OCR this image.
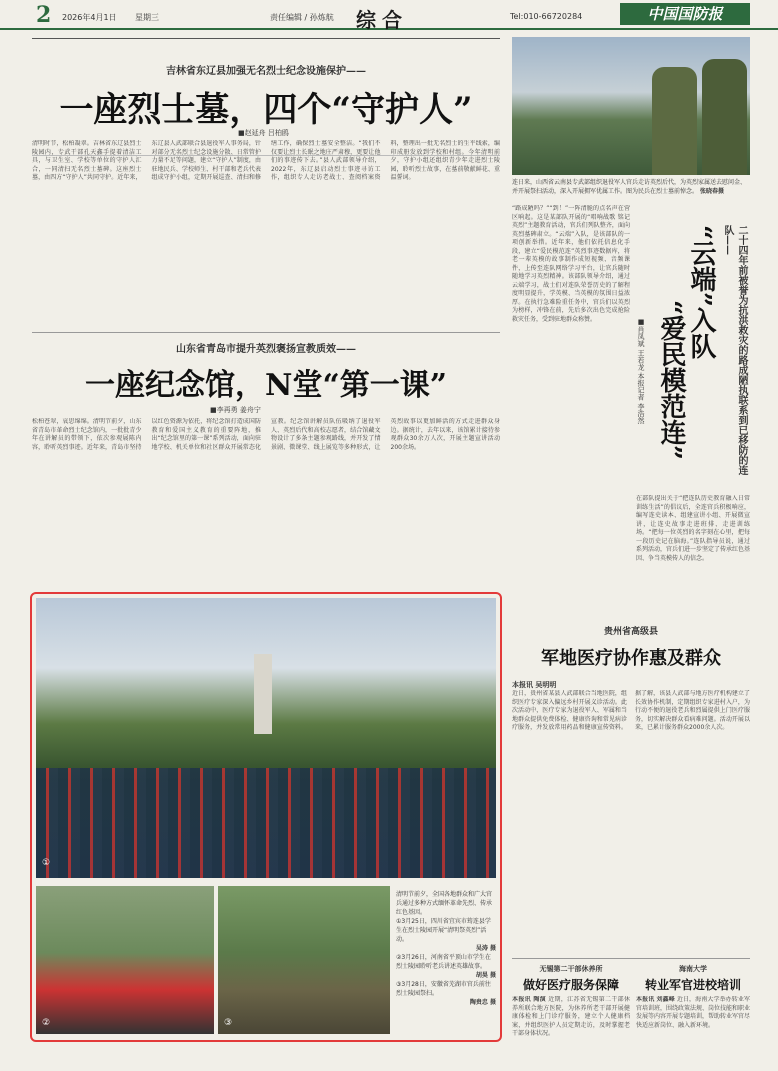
2 2026年4月1日 星期三	责任编辑 / 孙炼航 综合	Tel:010-66720284	中国国防报
吉林省东辽县加强无名烈士纪念设施保护——
一座烈士墓，四个“守护人”
■赵延舟 吕柏鸥
清明时节，松柏凝翠。吉林省东辽县烈士陵园内，专武干部孔天鑫手提着清洁工具，与卫生室、学校等单位的守护人汇合，一同清扫无名烈士墓碑。这座烈士墓，由四方“守护人”共同守护。近年来，东辽县人武部联合县退役军人事务局，针对部分无名烈士纪念设施分散、日常管护力量不足等问题，建立“守护人”制度，由驻地民兵、学校师生、村干部和老兵代表组成守护小组，定期开展巡查、清扫和修缮工作，确保烈士墓安全整洁。“我们不仅要让烈士长眠之地庄严肃穆，更要让他们的事迹传下去。”县人武部领导介绍，2022年，东辽县启动烈士事迹寻访工作，组织专人走访老战士、查阅档案资料，整理出一批无名烈士的生平线索，编印成册发放到学校和村组。今年清明前夕，守护小组还组织青少年走进烈士陵园，聆听烈士故事，在墓前敬献鲜花、重温誓词。
连日来，山西省云南县专武部组织退役军人官兵走访英烈后代，为英烈家属送去慰问金、并开展祭扫活动，深入开展拥军优属工作。图为民兵在烈士墓前悼念。 张晓春摄
山东省青岛市提升英烈褒扬宣教质效——
一座纪念馆，N堂“第一课”
■李再勇 姜舟宁
松柏苍翠，哀思绵绵。清明节前夕，山东省青岛市革命烈士纪念馆内，一批批青少年在讲解员的带领下，依次参观展陈内容，聆听英烈事迹。近年来，青岛市坚持以红色资源为依托，将纪念馆打造成国防教育和爱国主义教育的重要阵地，推出“纪念馆里的第一课”系列活动，面向驻地学校、机关单位和社区群众开展常态化宣教。纪念馆讲解员队伍吸纳了退役军人、英烈后代和高校志愿者，结合馆藏文物设计了多条主题参观路线，并开发了情景剧、微课堂、线上展览等多种形式，让英烈故事以更加鲜活的方式走进群众身边。据统计，去年以来，该馆累计接待参观群众30余万人次，开展主题宣讲活动200余场。
“路成陋吗？”“到！”一阵清脆的点名声在营区响起。这是某部队开展的“唱响战歌 铭记英烈”主题教育活动，官兵们列队整齐，面向英烈墓碑肃立。“云端”入队，是该部队的一项创新举措。近年来，他们依托信息化手段，建立“爱民模范连”英烈事迹数据库，将老一辈英模的故事制作成短视频、音频课件，上传至连队网络学习平台，让官兵随时随地学习英烈精神。该部队领导介绍，通过云端学习，战士们对连队荣誉历史的了解程度明显提升，学英模、当英模的氛围日益浓厚。在执行急难险重任务中，官兵们以英烈为榜样，冲锋在前，先后多次出色完成抢险救灾任务，受到驻地群众称赞。	二十四年前被誉为抗洪救灾的路成陋执联系到已移防的连队——
“云端”入队
“爱民模范连”
■肖凤斌 王若龙 本报记者 李浩然
在部队提出关于“把连队历史教育融入日常训练生活”的倡议后，全连官兵积极响应，编写连史读本、组建宣讲小组、开展微宣讲，让连史故事走进班排、走进训练场。“把每一位英烈的名字刻在心里，把每一段历史记在脑海。”连队指导员说，通过系列活动，官兵们进一步坚定了传承红色基因、争当英模传人的信念。
①
②	③
清明节前夕，全国各地群众和广大官兵通过多种方式缅怀革命先烈、传承红色基因。
①3月25日，四川省宜宾市筠连县学生在烈士陵园开展“清明祭英烈”活动。
吴涛 摄
②3月26日，河南省平顶山市学生在烈士陵园聆听老兵讲述英雄故事。
胡昊 摄
③3月28日，安徽省芜湖市官兵前往烈士陵园祭扫。
陶贵忠 摄
贵州省高级县
军地医疗协作惠及群众
本报讯 吴明明
近日，贵州省某县人武部联合当地医院，组织医疗专家深入偏远乡村开展义诊活动。此次活动中，医疗专家为退役军人、军属和当地群众提供免费体检、健康咨询和常见病诊疗服务，并发放常用药品和健康宣传资料。据了解，该县人武部与地方医疗机构建立了长效协作机制，定期组织专家进村入户，为行动不便的退役老兵和烈属提供上门医疗服务，切实解决群众看病难问题。活动开展以来，已累计服务群众2000余人次。
无锡第二干部休养所
做好医疗服务保障
本报讯 陶演 近期，江苏省无锡第二干部休养所联合地方医院，为休养所老干部开展健康体检和上门诊疗服务，建立个人健康档案，并组织医护人员定期走访，及时掌握老干部身体状况。
海南大学
转业军官进校培训
本报讯 刘鑫峰 近日，海南大学举办转业军官培训班，围绕政策法规、岗位技能和职业发展等内容开展专题培训，帮助转业军官尽快适应新岗位、融入新环境。
